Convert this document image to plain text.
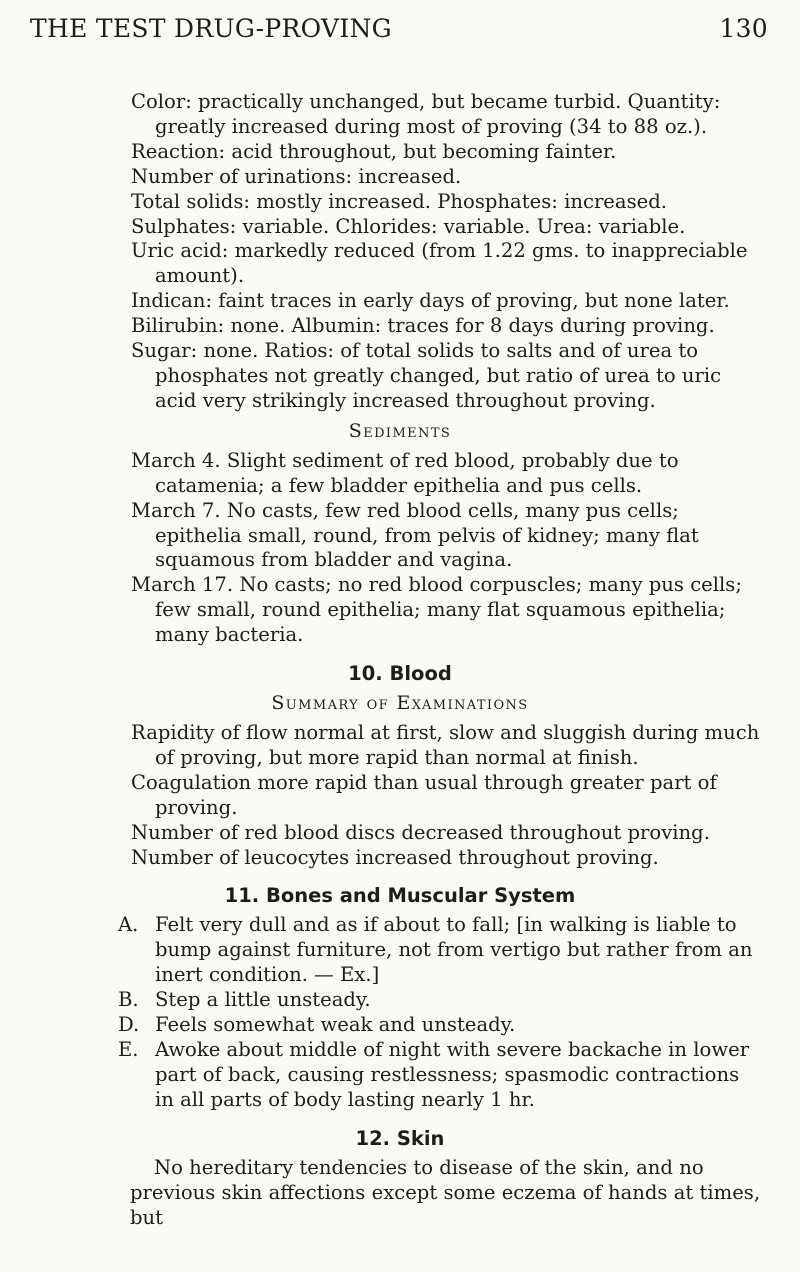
THE TEST DRUG-PROVING	130

Color: practically unchanged, but became turbid. Quantity: greatly increased during most of proving (34 to 88 oz.).

Reaction: acid throughout, but becoming fainter.

Number of urinations: increased.

Total solids: mostly increased. Phosphates: increased.

Sulphates: variable. Chlorides: variable. Urea: variable.

Uric acid: markedly reduced (from 1.22 gms. to inappreciable amount).

Indican: faint traces in early days of proving, but none later.

Bilirubin: none. Albumin: traces for 8 days during proving.

Sugar: none. Ratios: of total solids to salts and of urea to phosphates not greatly changed, but ratio of urea to uric acid very strikingly increased throughout proving.

Sediments

March 4. Slight sediment of red blood, probably due to catamenia; a few bladder epithelia and pus cells.

March 7. No casts, few red blood cells, many pus cells; epithelia small, round, from pelvis of kidney; many flat squamous from bladder and vagina.

March 17. No casts; no red blood corpuscles; many pus cells; few small, round epithelia; many flat squamous epithelia; many bacteria.

10. Blood
Summary of Examinations

Rapidity of flow normal at first, slow and sluggish during much of proving, but more rapid than normal at finish.

Coagulation more rapid than usual through greater part of proving.

Number of red blood discs decreased throughout proving.

Number of leucocytes increased throughout proving.

11. Bones and Muscular System
A. Felt very dull and as if about to fall; [in walking is liable to bump against furniture, not from vertigo but rather from an inert condition. — Ex.]
B. Step a little unsteady.
D. Feels somewhat weak and unsteady.
E. Awoke about middle of night with severe backache in lower part of back, causing restlessness; spasmodic contractions in all parts of body lasting nearly 1 hr.
12. Skin

No hereditary tendencies to disease of the skin, and no previous skin affections except some eczema of hands at times, but
